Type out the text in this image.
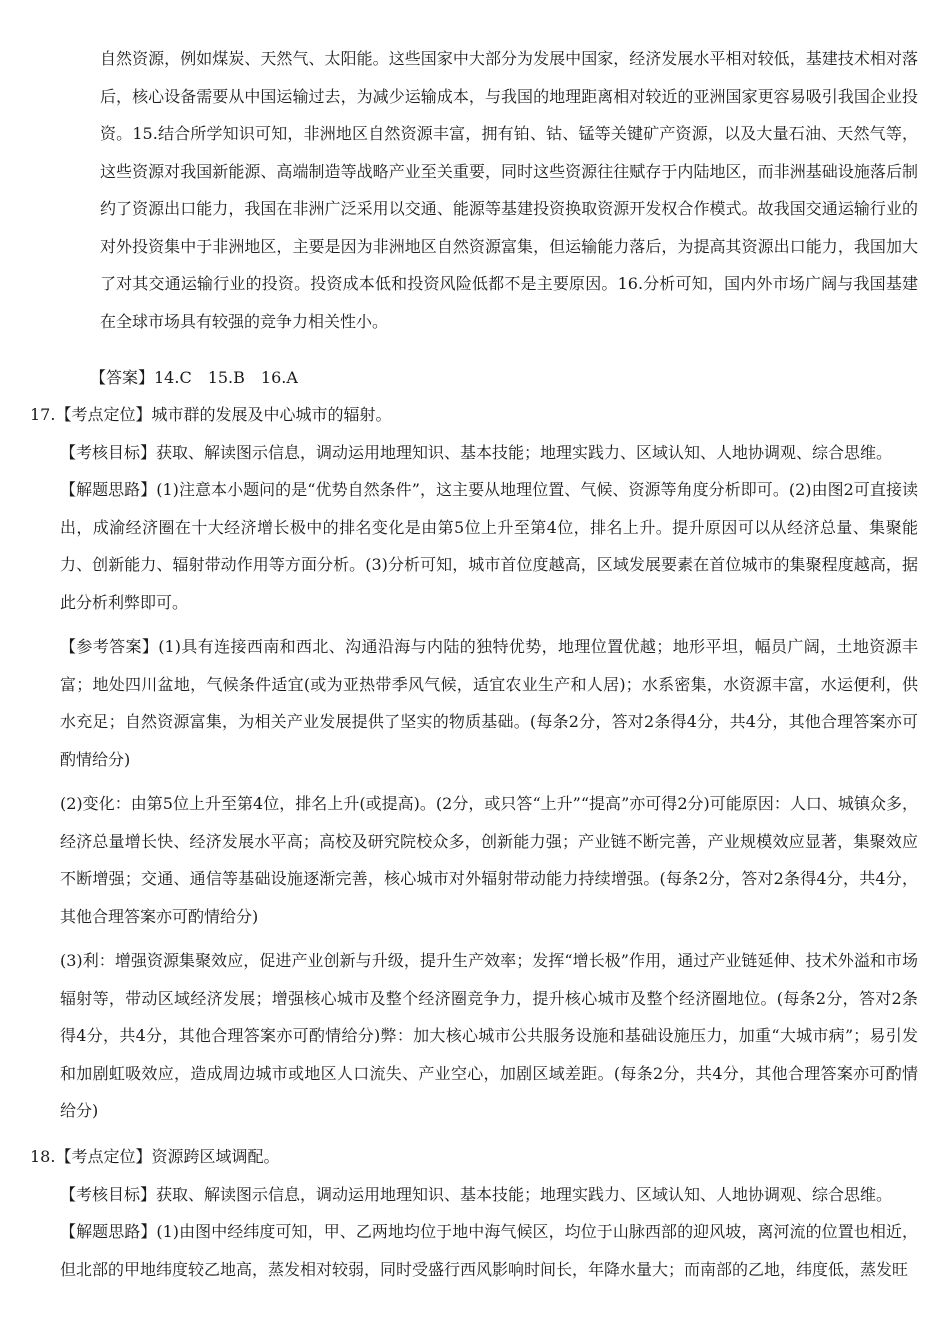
自然资源，例如煤炭、天然气、太阳能。这些国家中大部分为发展中国家，经济发展水平相对较低，基建技术相对落后，核心设备需要从中国运输过去，为减少运输成本，与我国的地理距离相对较近的亚洲国家更容易吸引我国企业投资。15.结合所学知识可知，非洲地区自然资源丰富，拥有铂、钴、锰等关键矿产资源，以及大量石油、天然气等，这些资源对我国新能源、高端制造等战略产业至关重要，同时这些资源往往赋存于内陆地区，而非洲基础设施落后制约了资源出口能力，我国在非洲广泛采用以交通、能源等基建投资换取资源开发权合作模式。故我国交通运输行业的对外投资集中于非洲地区，主要是因为非洲地区自然资源富集，但运输能力落后，为提高其资源出口能力，我国加大了对其交通运输行业的投资。投资成本低和投资风险低都不是主要原因。16.分析可知，国内外市场广阔与我国基建在全球市场具有较强的竞争力相关性小。

【答案】14.C　15.B　16.A

17.【考点定位】城市群的发展及中心城市的辐射。

【考核目标】获取、解读图示信息，调动运用地理知识、基本技能；地理实践力、区域认知、人地协调观、综合思维。

【解题思路】(1)注意本小题问的是“优势自然条件”，这主要从地理位置、气候、资源等角度分析即可。(2)由图2可直接读出，成渝经济圈在十大经济增长极中的排名变化是由第5位上升至第4位，排名上升。提升原因可以从经济总量、集聚能力、创新能力、辐射带动作用等方面分析。(3)分析可知，城市首位度越高，区域发展要素在首位城市的集聚程度越高，据此分析利弊即可。

【参考答案】(1)具有连接西南和西北、沟通沿海与内陆的独特优势，地理位置优越；地形平坦，幅员广阔，土地资源丰富；地处四川盆地，气候条件适宜(或为亚热带季风气候，适宜农业生产和人居)；水系密集，水资源丰富，水运便利，供水充足；自然资源富集，为相关产业发展提供了坚实的物质基础。(每条2分，答对2条得4分，共4分，其他合理答案亦可酌情给分)

(2)变化：由第5位上升至第4位，排名上升(或提高)。(2分，或只答“上升”“提高”亦可得2分)可能原因：人口、城镇众多，经济总量增长快、经济发展水平高；高校及研究院校众多，创新能力强；产业链不断完善，产业规模效应显著，集聚效应不断增强；交通、通信等基础设施逐渐完善，核心城市对外辐射带动能力持续增强。(每条2分，答对2条得4分，共4分，其他合理答案亦可酌情给分)

(3)利：增强资源集聚效应，促进产业创新与升级，提升生产效率；发挥“增长极”作用，通过产业链延伸、技术外溢和市场辐射等，带动区域经济发展；增强核心城市及整个经济圈竞争力，提升核心城市及整个经济圈地位。(每条2分，答对2条得4分，共4分，其他合理答案亦可酌情给分)弊：加大核心城市公共服务设施和基础设施压力，加重“大城市病”；易引发和加剧虹吸效应，造成周边城市或地区人口流失、产业空心，加剧区域差距。(每条2分，共4分，其他合理答案亦可酌情给分)

18.【考点定位】资源跨区域调配。

【考核目标】获取、解读图示信息，调动运用地理知识、基本技能；地理实践力、区域认知、人地协调观、综合思维。

【解题思路】(1)由图中经纬度可知，甲、乙两地均位于地中海气候区，均位于山脉西部的迎风坡，离河流的位置也相近，但北部的甲地纬度较乙地高，蒸发相对较弱，同时受盛行西风影响时间长，年降水量大；而南部的乙地，纬度低，蒸发旺
